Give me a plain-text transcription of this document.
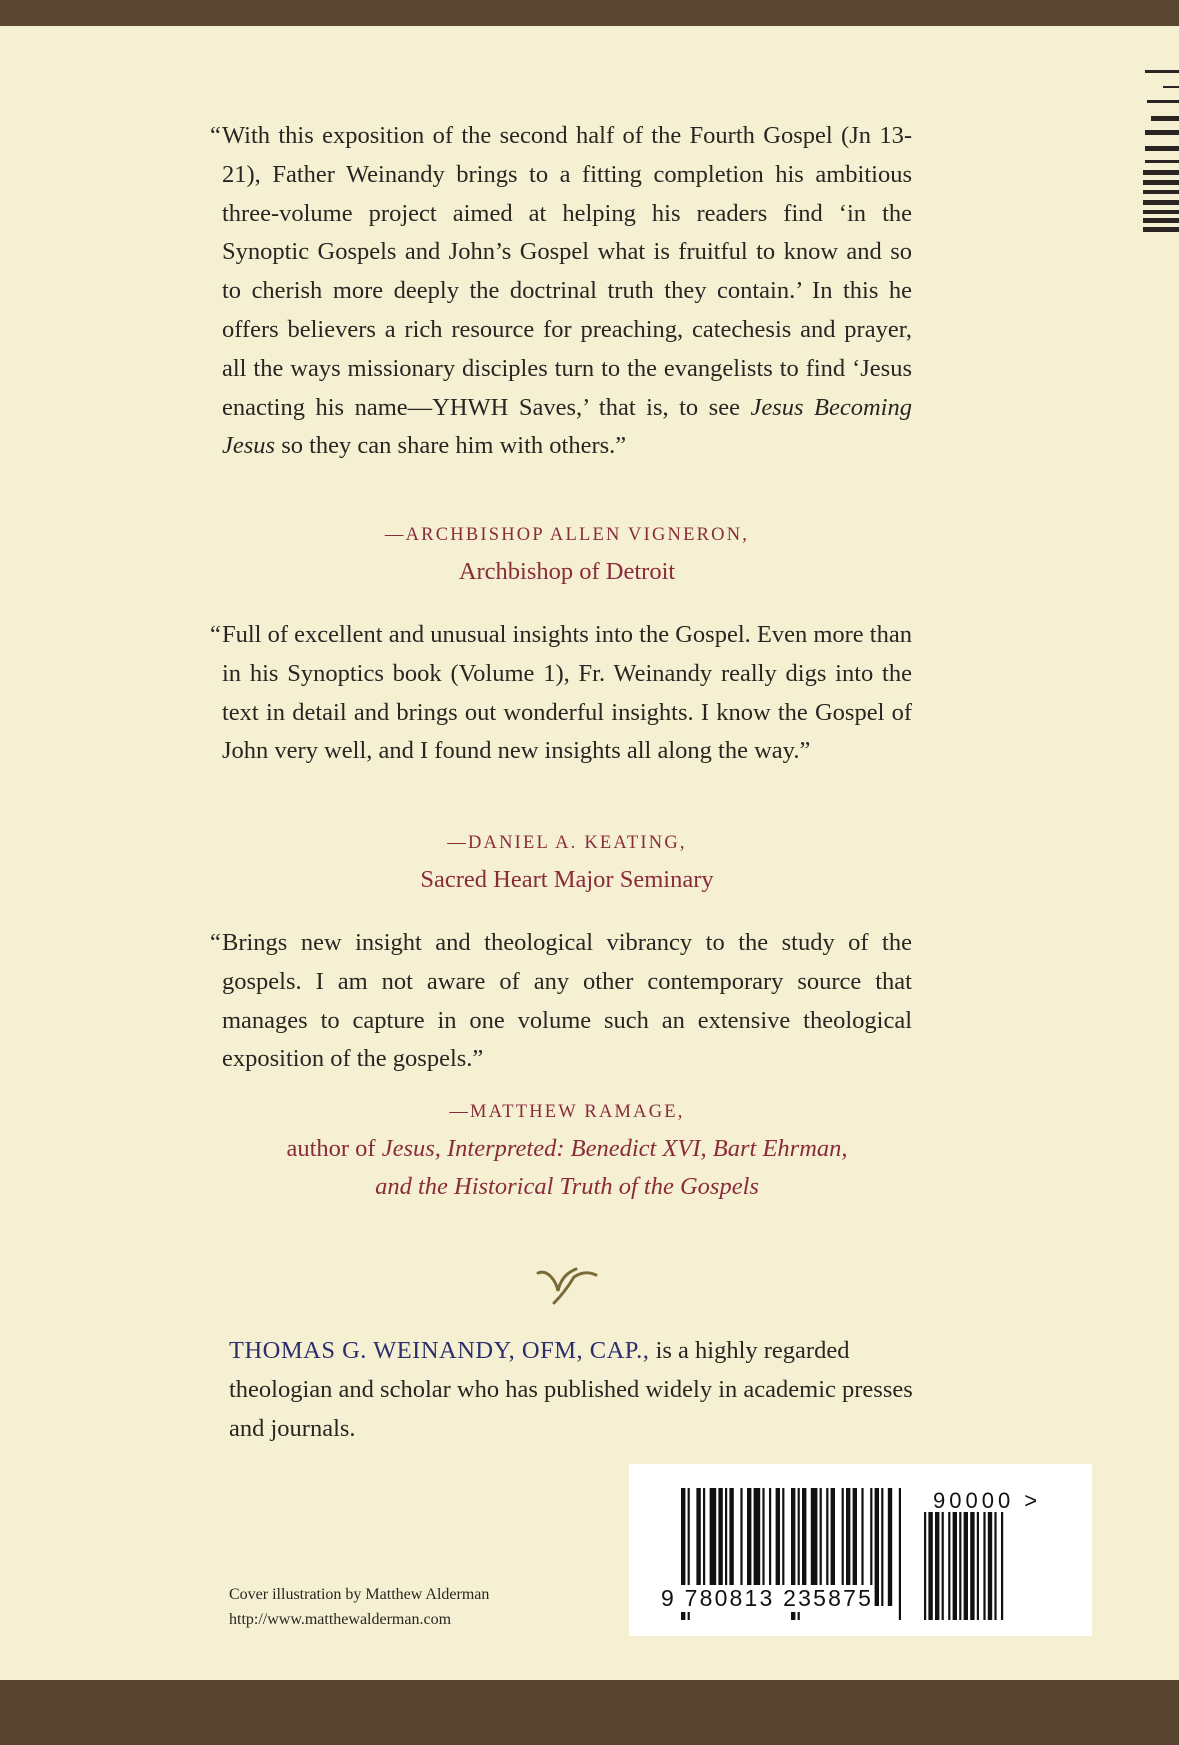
“ With this exposition of the second half of the Fourth Gospel (Jn 13-21), Father Weinandy brings to a fitting completion his ambitious three-volume project aimed at helping his readers find ‘in the Synoptic Gospels and John’s Gospel what is fruitful to know and so to cherish more deeply the doctrinal truth they contain.’ In this he offers believers a rich resource for preaching, catechesis and prayer, all the ways missionary disciples turn to the evangelists to find ‘Jesus enacting his name—YHWH Saves,’ that is, to see Jesus Becoming Jesus so they can share him with others.”

—ARCHBISHOP ALLEN VIGNERON,
Archbishop of Detroit

“ Full of excellent and unusual insights into the Gospel. Even more than in his Synoptics book (Volume 1), Fr. Weinandy really digs into the text in detail and brings out wonderful insights. I know the Gospel of John very well, and I found new insights all along the way.”

—DANIEL A. KEATING,
Sacred Heart Major Seminary

“ Brings new insight and theological vibrancy to the study of the gospels. I am not aware of any other contemporary source that manages to capture in one volume such an extensive theological exposition of the gospels.”

—MATTHEW RAMAGE,
author of Jesus, Interpreted: Benedict XVI, Bart Ehrman,
and the Historical Truth of the Gospels
THOMAS G. WEINANDY, OFM, CAP., is a highly regarded theologian and scholar who has published widely in academic presses and journals.
Cover illustration by Matthew Alderman
http://www.matthewalderman.com
90000 >
9 780813 235875
